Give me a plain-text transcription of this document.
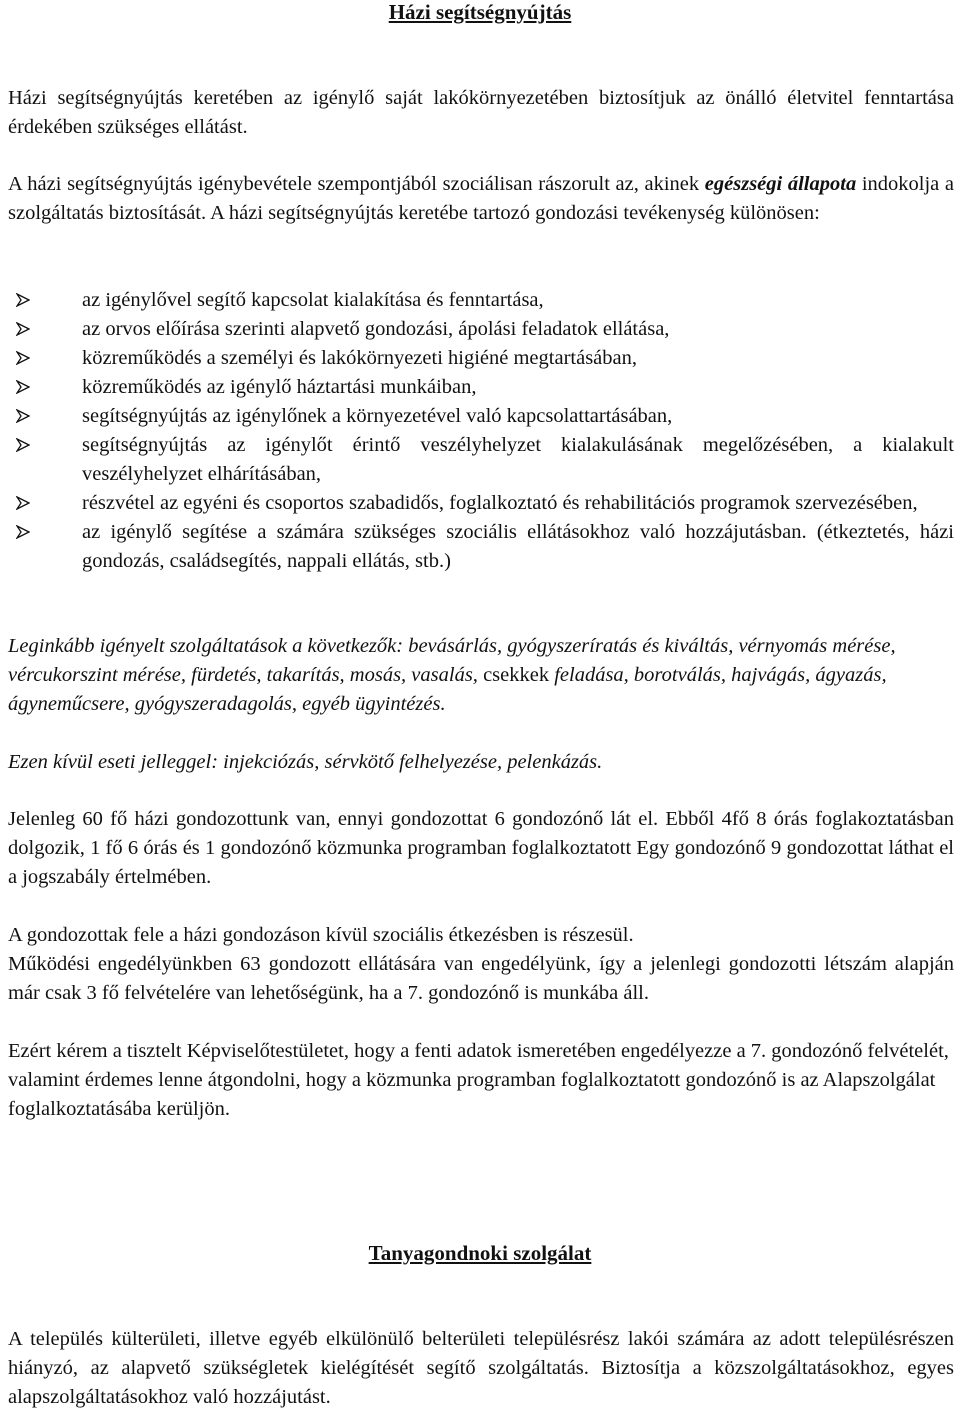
Házi segítségnyújtás

Házi segítségnyújtás keretében az igénylő saját lakókörnyezetében biztosítjuk az önálló életvitel fenntartása érdekében szükséges ellátást.

A házi segítségnyújtás igénybevétele szempontjából szociálisan rászorult az, akinek egészségi állapota indokolja a szolgáltatás biztosítását. A házi segítségnyújtás keretébe tartozó gondozási tevékenység különösen:

az igénylővel segítő kapcsolat kialakítása és fenntartása,
az orvos előírása szerinti alapvető gondozási, ápolási feladatok ellátása,
közreműködés a személyi és lakókörnyezeti higiéné megtartásában,
közreműködés az igénylő háztartási munkáiban,
segítségnyújtás az igénylőnek a környezetével való kapcsolattartásában,
segítségnyújtás az igénylőt érintő veszélyhelyzet kialakulásának megelőzésében, a kialakult veszélyhelyzet elhárításában,
részvétel az egyéni és csoportos szabadidős, foglalkoztató és rehabilitációs programok szervezésében,
az igénylő segítése a számára szükséges szociális ellátásokhoz való hozzájutásban. (étkeztetés, házi gondozás, családsegítés, nappali ellátás, stb.)

Leginkább igényelt szolgáltatások a következők: bevásárlás, gyógyszeríratás és kiváltás, vérnyomás mérése, vércukorszint mérése, fürdetés, takarítás, mosás, vasalás, csekkek feladása, borotválás, hajvágás, ágyazás, ágyneműcsere, gyógyszeradagolás, egyéb ügyintézés.

Ezen kívül eseti jelleggel: injekciózás, sérvkötő felhelyezése, pelenkázás.

Jelenleg 60 fő házi gondozottunk van, ennyi gondozottat 6 gondozónő lát el. Ebből 4fő 8 órás foglakoztatásban dolgozik, 1 fő 6 órás és 1 gondozónő közmunka programban foglalkoztatott Egy gondozónő 9 gondozottat láthat el a jogszabály értelmében.

A gondozottak fele a házi gondozáson kívül szociális étkezésben is részesül.

Működési engedélyünkben 63 gondozott ellátására van engedélyünk, így a jelenlegi gondozotti létszám alapján már csak 3 fő felvételére van lehetőségünk, ha a 7. gondozónő is munkába áll.

Ezért kérem a tisztelt Képviselőtestületet, hogy a fenti adatok ismeretében engedélyezze a 7. gondozónő felvételét, valamint érdemes lenne átgondolni, hogy a közmunka programban foglalkoztatott gondozónő is az Alapszolgálat foglalkoztatásába kerüljön.

Tanyagondnoki szolgálat

A település külterületi, illetve egyéb elkülönülő belterületi településrész lakói számára az adott településrészen hiányzó, az alapvető szükségletek kielégítését segítő szolgáltatás. Biztosítja a közszolgáltatásokhoz, egyes alapszolgáltatásokhoz való hozzájutást.
